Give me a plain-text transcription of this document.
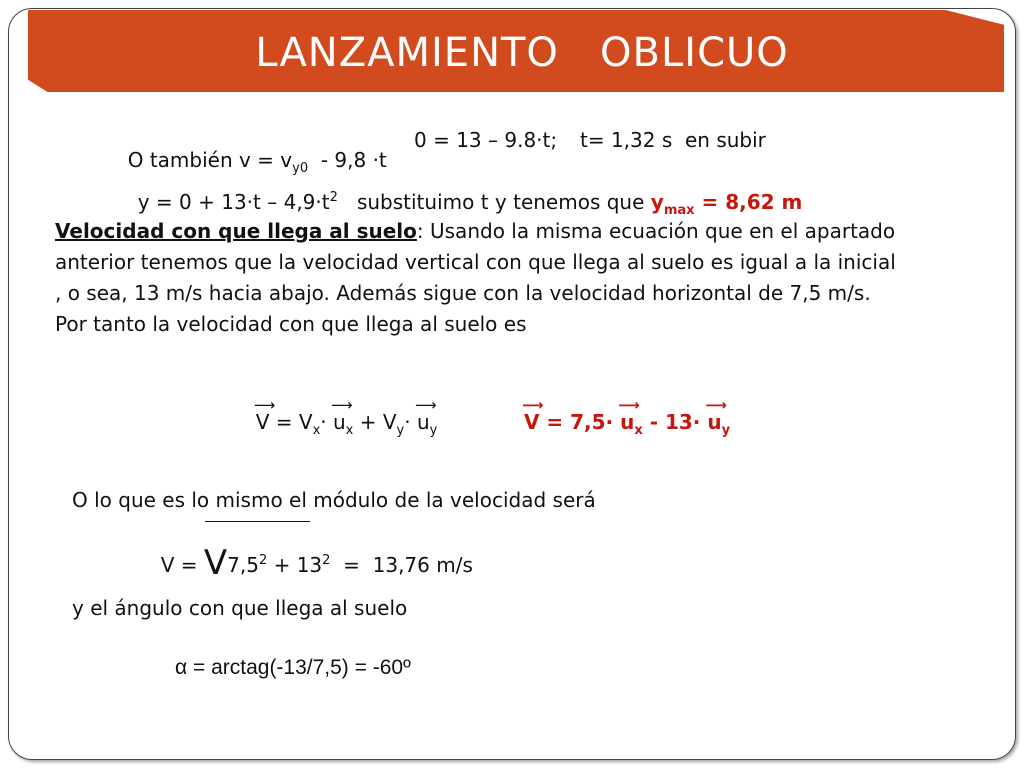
LANZAMIENTO   OBLICUO

O también $v = v_{y0} - 9,8 \cdot t$

0 = 13 – 9.8·t; t= 1,32 s  en subir

$y = 0 + 13\cdot t - 4,9\cdot t^2$   substituimo t y tenemos que $y_{max} = 8,62$ m

Velocidad con que llega al suelo: Usando la misma ecuación que en el apartado anterior tenemos que la velocidad vertical con que llega al suelo es igual a la inicial , o sea, 13 m/s hacia abajo. Además sigue con la velocidad horizontal de 7,5 m/s. Por tanto la velocidad con que llega al suelo es

⟶
$V = V_x\cdot$
⟶
$u_x + V_y\cdot$
⟶
$u_y$

⟶
V = 7,5·
⟶
$u_x - 13\cdot$
⟶
$u_y$

O lo que es lo mismo el módulo de la velocidad será

$V = V7,5^2 + 13^2 = 13,76$ m/s

y el ángulo con que llega al suelo
α = arctag(-13/7,5) = -60º
